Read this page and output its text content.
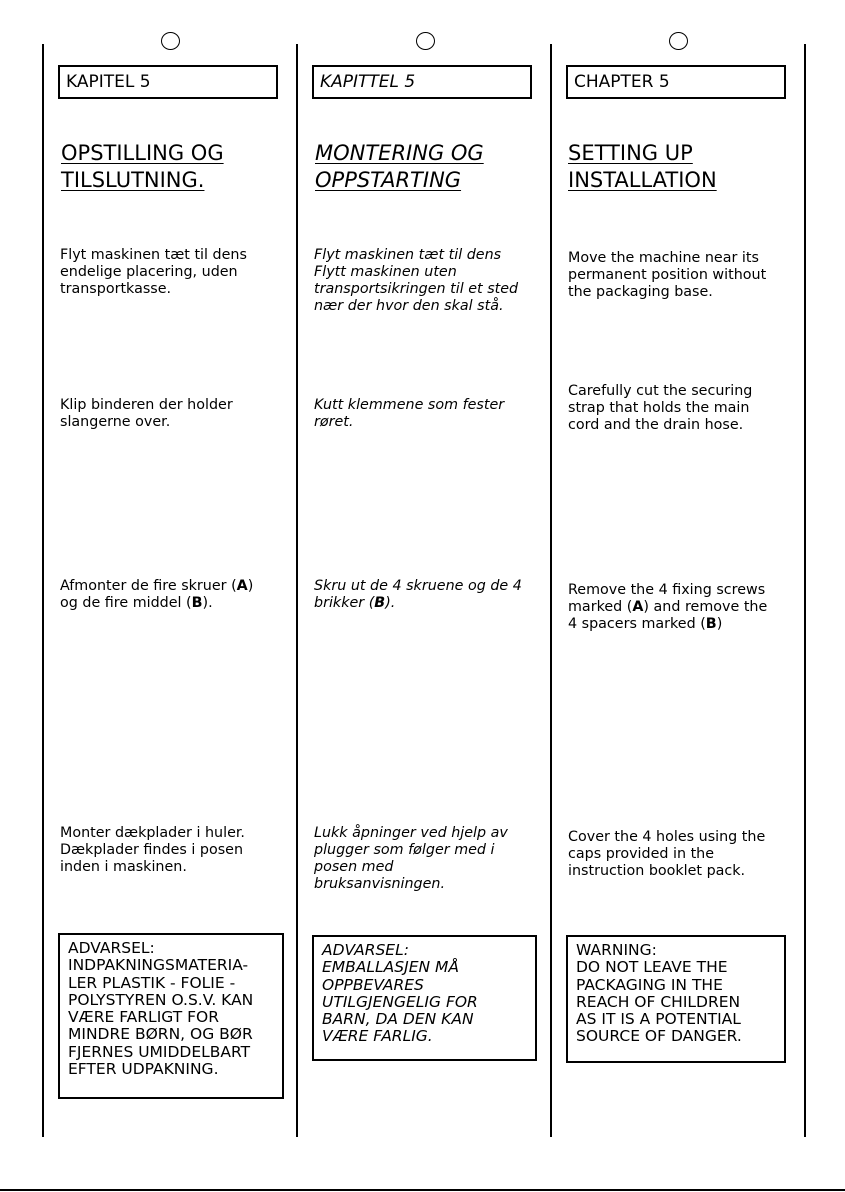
KAPITEL 5
OPSTILLING OG
TILSLUTNING.

Flyt maskinen tæt til dens
endelige placering, uden
transportkasse.

Klip binderen der holder
slangerne over.

Afmonter de fire skruer (A)
og de fire middel (B).

Monter dækplader i huler.
Dækplader findes i posen
inden i maskinen.

ADVARSEL:
INDPAKNINGSMATERIA-
LER PLASTIK - FOLIE -
POLYSTYREN O.S.V. KAN
VÆRE FARLIGT FOR
MINDRE BØRN, OG BØR
FJERNES UMIDDELBART
EFTER UDPAKNING.
KAPITTEL 5
MONTERING OG
OPPSTARTING

Flyt maskinen tæt til dens
Flytt maskinen uten
transportsikringen til et sted
nær der hvor den skal stå.

Kutt klemmene som fester
røret.

Skru ut de 4 skruene og de 4
brikker (B).

Lukk åpninger ved hjelp av
plugger som følger med i
posen med
bruksanvisningen.

ADVARSEL:
EMBALLASJEN MÅ
OPPBEVARES
UTILGJENGELIG FOR
BARN, DA DEN KAN
VÆRE FARLIG.
CHAPTER 5
SETTING UP
INSTALLATION

Move the machine near its
permanent position without
the packaging base.

Carefully cut the securing
strap that holds the main
cord and the drain hose.

Remove the 4 fixing screws
marked (A) and remove the
4 spacers marked (B)

Cover the 4 holes using the
caps provided in the
instruction booklet pack.

WARNING:
DO NOT LEAVE THE
PACKAGING IN THE
REACH OF CHILDREN
AS IT IS A POTENTIAL
SOURCE OF DANGER.
